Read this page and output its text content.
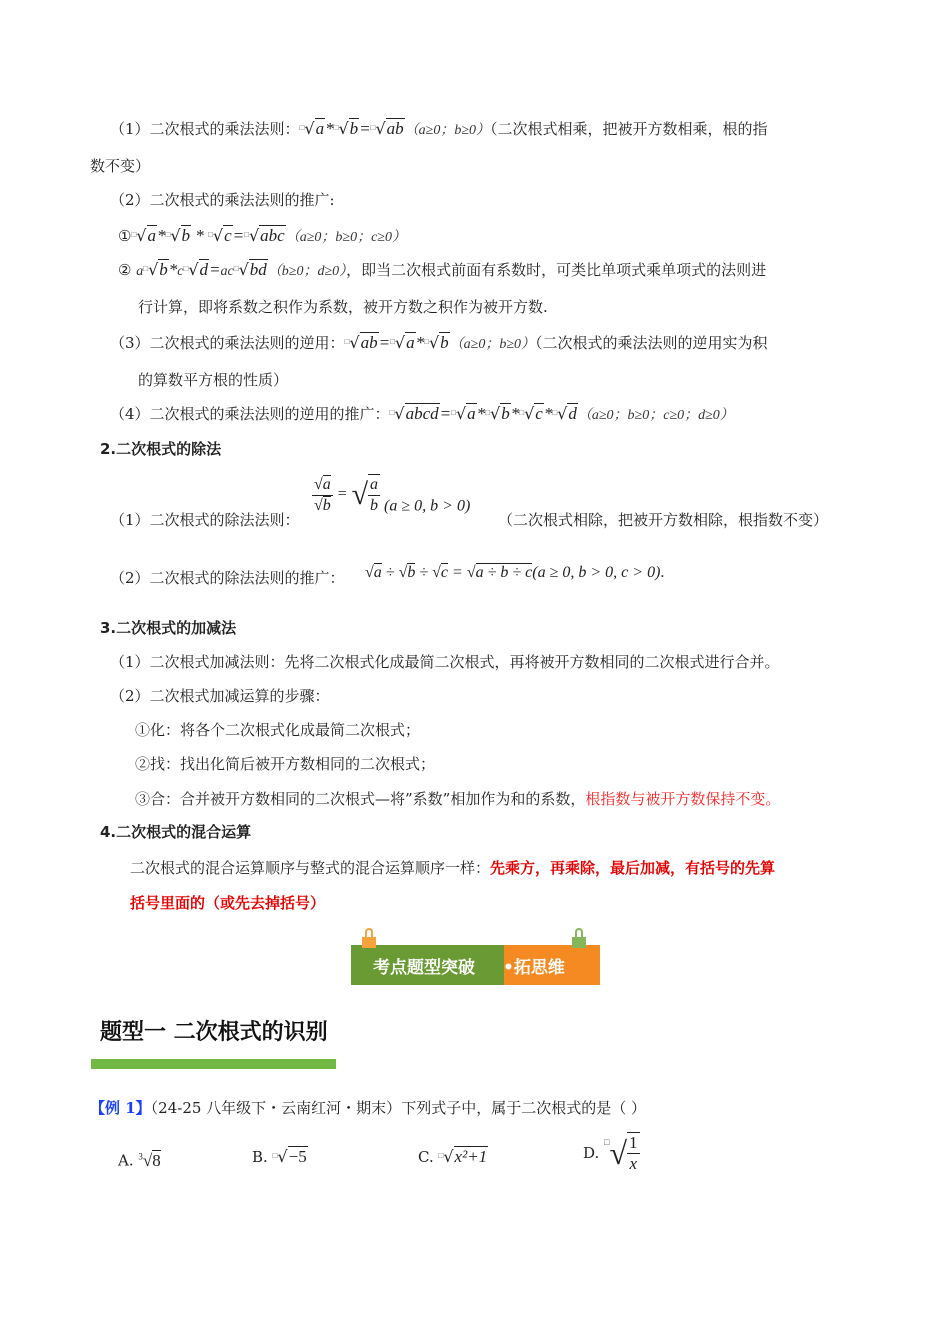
（1）二次根式的乘法法则：□√a*□√b=□√ab（a≥0；b≥0）（二次根式相乘，把被开方数相乘，根的指
数不变）
（2）二次根式的乘法法则的推广:
①□√a*□√b * □√c=□√abc（a≥0；b≥0；c≥0）
② a□√b*c□√d=ac□√bd（b≥0；d≥0），即当二次根式前面有系数时，可类比单项式乘单项式的法则进
行计算，即将系数之积作为系数，被开方数之积作为被开方数.
（3）二次根式的乘法法则的逆用：□√ab=□√a*□√b（a≥0；b≥0）（二次根式的乘法法则的逆用实为积
的算数平方根的性质）
（4）二次根式的乘法法则的逆用的推广：□√abcd=□√a*□√b*□√c*□√d（a≥0；b≥0；c≥0；d≥0）
2.二次根式的除法
（1）二次根式的除法法则：
$\frac{√a}{√b}$ = √ $\frac{a}{b} (a \ge 0$, b > 0)
（二次根式相除，把被开方数相除，根指数不变）
（2）二次根式的除法法则的推广： √a ÷ √b ÷ √c = √a ÷ b ÷ c(a ≥ 0, b > 0, c > 0).
3.二次根式的加减法
（1）二次根式加减法则：先将二次根式化成最简二次根式，再将被开方数相同的二次根式进行合并。
（2）二次根式加减运算的步骤：
①化：将各个二次根式化成最简二次根式；
②找：找出化简后被开方数相同的二次根式；
③合：合并被开方数相同的二次根式—将”系数”相加作为和的系数，根指数与被开方数保持不变。
4.二次根式的混合运算
二次根式的混合运算顺序与整式的混合运算顺序一样：先乘方，再乘除，最后加减，有括号的先算
括号里面的（或先去掉括号）
考点题型突破 •拓思维
题型一 二次根式的识别
【例 1】（24-25 八年级下・云南红河・期末）下列式子中，属于二次根式的是（ ）
A. $^3$√8	B. □√−5	C. □√x²+1	D. $^□√ \frac{1}{x}$
